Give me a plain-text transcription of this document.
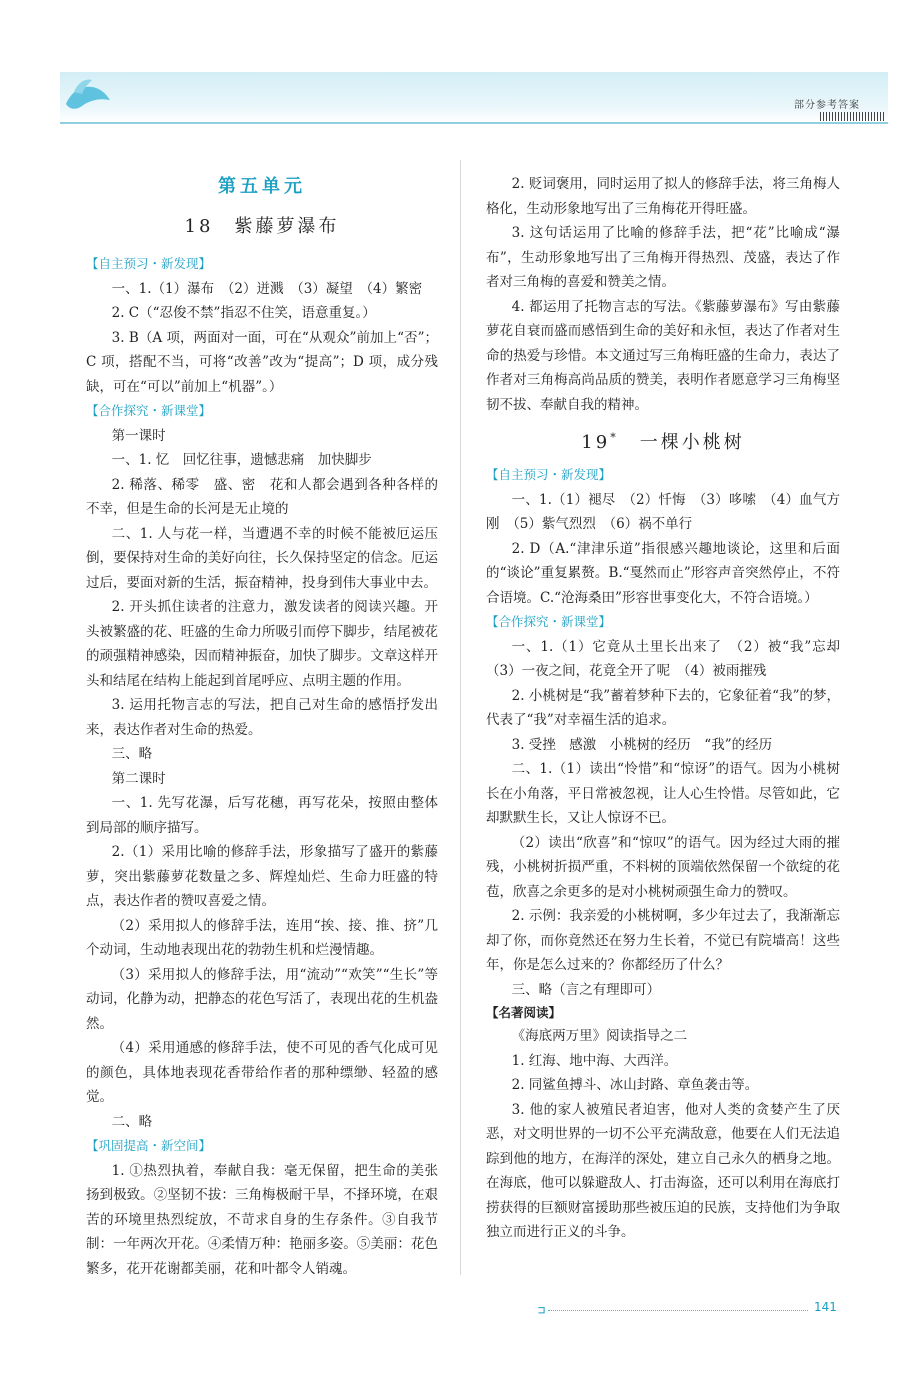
部分参考答案
第五单元
18　紫藤萝瀑布
【自主预习・新发现】

一、1.（1）瀑布　（2）迸溅　（3）凝望　（4）繁密

2. C（“忍俊不禁”指忍不住笑，语意重复。）

3. B（A 项，两面对一面，可在“从观众”前加上“否”；C 项，搭配不当，可将“改善”改为“提高”；D 项，成分残缺，可在“可以”前加上“机器”。）

【合作探究・新课堂】

第一课时

一、1. 忆　回忆往事，遗憾悲痛　加快脚步

2. 稀落、稀零　盛、密　花和人都会遇到各种各样的不幸，但是生命的长河是无止境的

二、1. 人与花一样，当遭遇不幸的时候不能被厄运压倒，要保持对生命的美好向往，长久保持坚定的信念。厄运过后，要面对新的生活，振奋精神，投身到伟大事业中去。

2. 开头抓住读者的注意力，激发读者的阅读兴趣。开头被繁盛的花、旺盛的生命力所吸引而停下脚步，结尾被花的顽强精神感染，因而精神振奋，加快了脚步。文章这样开头和结尾在结构上能起到首尾呼应、点明主题的作用。

3. 运用托物言志的写法，把自己对生命的感悟抒发出来，表达作者对生命的热爱。

三、略

第二课时

一、1. 先写花瀑，后写花穗，再写花朵，按照由整体到局部的顺序描写。

2.（1）采用比喻的修辞手法，形象描写了盛开的紫藤萝，突出紫藤萝花数量之多、辉煌灿烂、生命力旺盛的特点，表达作者的赞叹喜爱之情。

（2）采用拟人的修辞手法，连用“挨、接、推、挤”几个动词，生动地表现出花的勃勃生机和烂漫情趣。

（3）采用拟人的修辞手法，用“流动”“欢笑”“生长”等动词，化静为动，把静态的花色写活了，表现出花的生机盎然。

（4）采用通感的修辞手法，使不可见的香气化成可见的颜色，具体地表现花香带给作者的那种缥缈、轻盈的感觉。

二、略

【巩固提高・新空间】

1. ①热烈执着，奉献自我：毫无保留，把生命的美张扬到极致。②坚韧不拔：三角梅极耐干旱，不择环境，在艰苦的环境里热烈绽放，不苛求自身的生存条件。③自我节制：一年两次开花。④柔情万种：艳丽多姿。⑤美丽：花色繁多，花开花谢都美丽，花和叶都令人销魂。

2. 贬词褒用，同时运用了拟人的修辞手法，将三角梅人格化，生动形象地写出了三角梅花开得旺盛。

3. 这句话运用了比喻的修辞手法，把“花”比喻成“瀑布”，生动形象地写出了三角梅开得热烈、茂盛，表达了作者对三角梅的喜爱和赞美之情。

4. 都运用了托物言志的写法。《紫藤萝瀑布》写由紫藤萝花自衰而盛而感悟到生命的美好和永恒，表达了作者对生命的热爱与珍惜。本文通过写三角梅旺盛的生命力，表达了作者对三角梅高尚品质的赞美，表明作者愿意学习三角梅坚韧不拔、奉献自我的精神。

19*　一棵小桃树
【自主预习・新发现】

一、1.（1）褪尽　（2）忏悔　（3）哆嗦　（4）血气方刚　（5）紫气烈烈　（6）祸不单行

2. D（A.“津津乐道”指很感兴趣地谈论，这里和后面的“谈论”重复累赘。B.“戛然而止”形容声音突然停止，不符合语境。C.“沧海桑田”形容世事变化大，不符合语境。）

【合作探究・新课堂】

一、1.（1）它竟从土里长出来了　（2）被“我”忘却　（3）一夜之间，花竟全开了呢　（4）被雨摧残

2. 小桃树是“我”蓄着梦种下去的，它象征着“我”的梦，代表了“我”对幸福生活的追求。

3. 受挫　感激　小桃树的经历　“我”的经历

二、1.（1）读出“怜惜”和“惊讶”的语气。因为小桃树长在小角落，平日常被忽视，让人心生怜惜。尽管如此，它却默默生长，又让人惊讶不已。

（2）读出“欣喜”和“惊叹”的语气。因为经过大雨的摧残，小桃树折损严重，不料树的顶端依然保留一个欲绽的花苞，欣喜之余更多的是对小桃树顽强生命力的赞叹。

2. 示例：我亲爱的小桃树啊，多少年过去了，我渐渐忘却了你，而你竟然还在努力生长着，不觉已有院墙高！这些年，你是怎么过来的？你都经历了什么？

三、略（言之有理即可）

【名著阅读】

《海底两万里》阅读指导之二

1. 红海、地中海、大西洋。

2. 同鲨鱼搏斗、冰山封路、章鱼袭击等。

3. 他的家人被殖民者迫害，他对人类的贪婪产生了厌恶，对文明世界的一切不公平充满敌意，他要在人们无法追踪到他的地方，在海洋的深处，建立自己永久的栖身之地。在海底，他可以躲避敌人、打击海盗，还可以利用在海底打捞获得的巨额财富援助那些被压迫的民族，支持他们为争取独立而进行正义的斗争。

⊐	141
